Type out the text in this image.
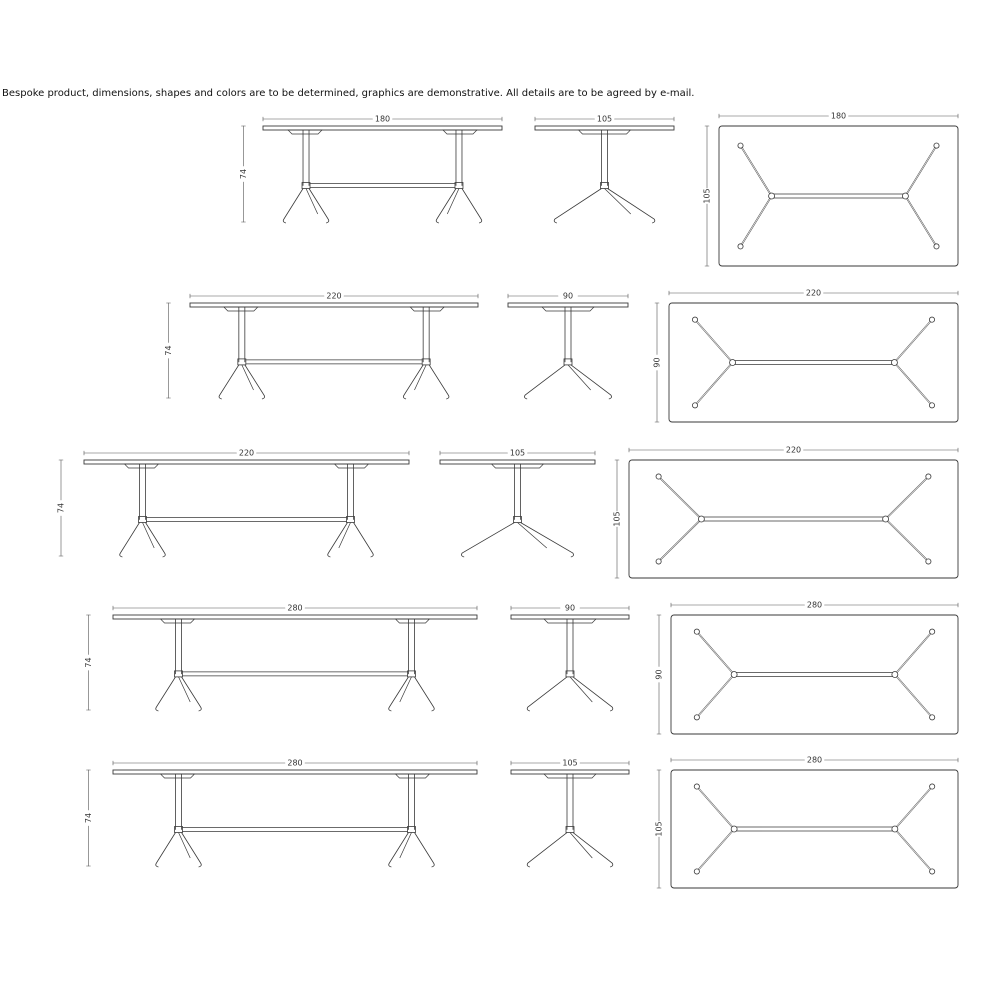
Bespoke product, dimensions, shapes and colors are to be determined, graphics are demonstrative. All details are to be agreed by e-mail.
180
74
105	180
105
220
74
90	220
90
220
74
105	220
105
280
74
90	280
90
280
74
105	280
105
